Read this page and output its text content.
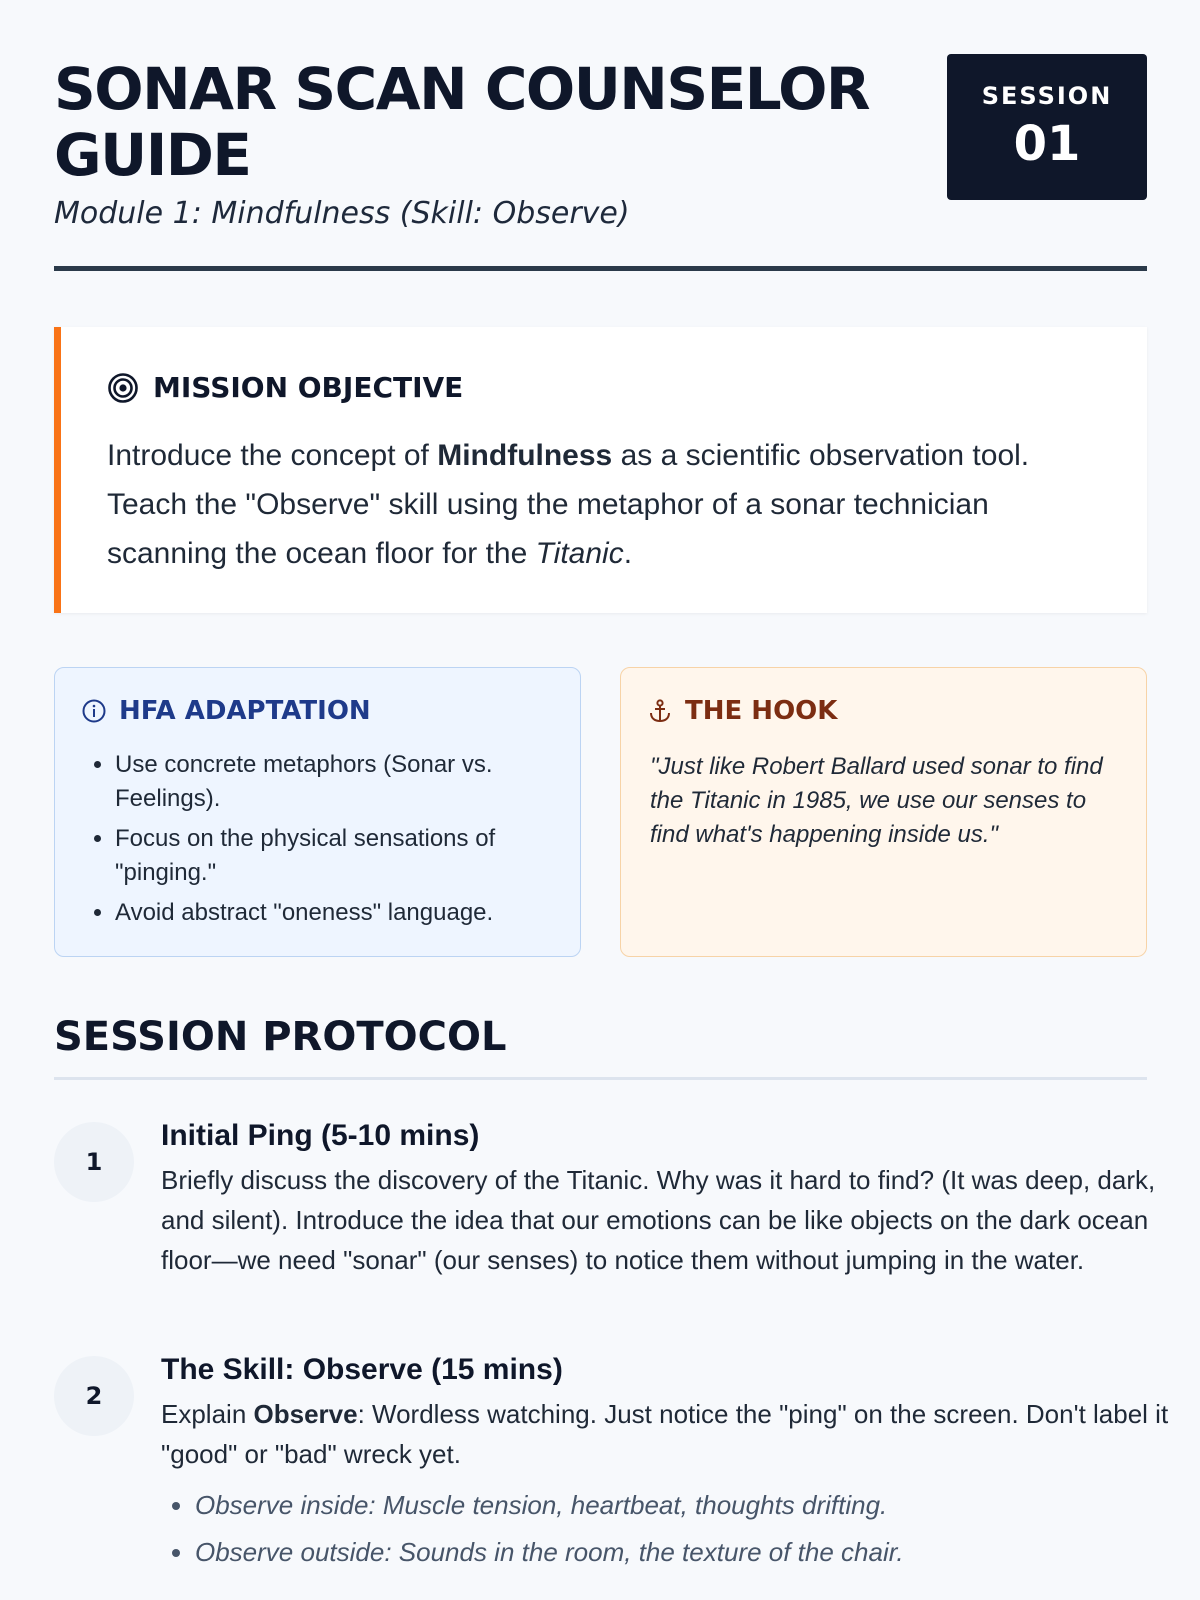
SONAR SCAN COUNSELOR GUIDE

Module 1: Mindfulness (Skill: Observe)

SESSION
01
MISSION OBJECTIVE
Introduce the concept of Mindfulness as a scientific observation tool. Teach the "Observe" skill using the metaphor of a sonar technician scanning the ocean floor for the Titanic.
HFA ADAPTATION
• Use concrete metaphors (Sonar vs. Feelings).
• Focus on the physical sensations of "pinging."
• Avoid abstract "oneness" language.
THE HOOK
"Just like Robert Ballard used sonar to find the Titanic in 1985, we use our senses to find what's happening inside us."
SESSION PROTOCOL
1
Initial Ping (5-10 mins)

Briefly discuss the discovery of the Titanic. Why was it hard to find? (It was deep, dark, and silent). Introduce the idea that our emotions can be like objects on the dark ocean floor—we need "sonar" (our senses) to notice them without jumping in the water.

2
The Skill: Observe (15 mins)

Explain Observe: Wordless watching. Just notice the "ping" on the screen. Don't label it "good" or "bad" wreck yet.

• Observe inside: Muscle tension, heartbeat, thoughts drifting.
• Observe outside: Sounds in the room, the texture of the chair.
